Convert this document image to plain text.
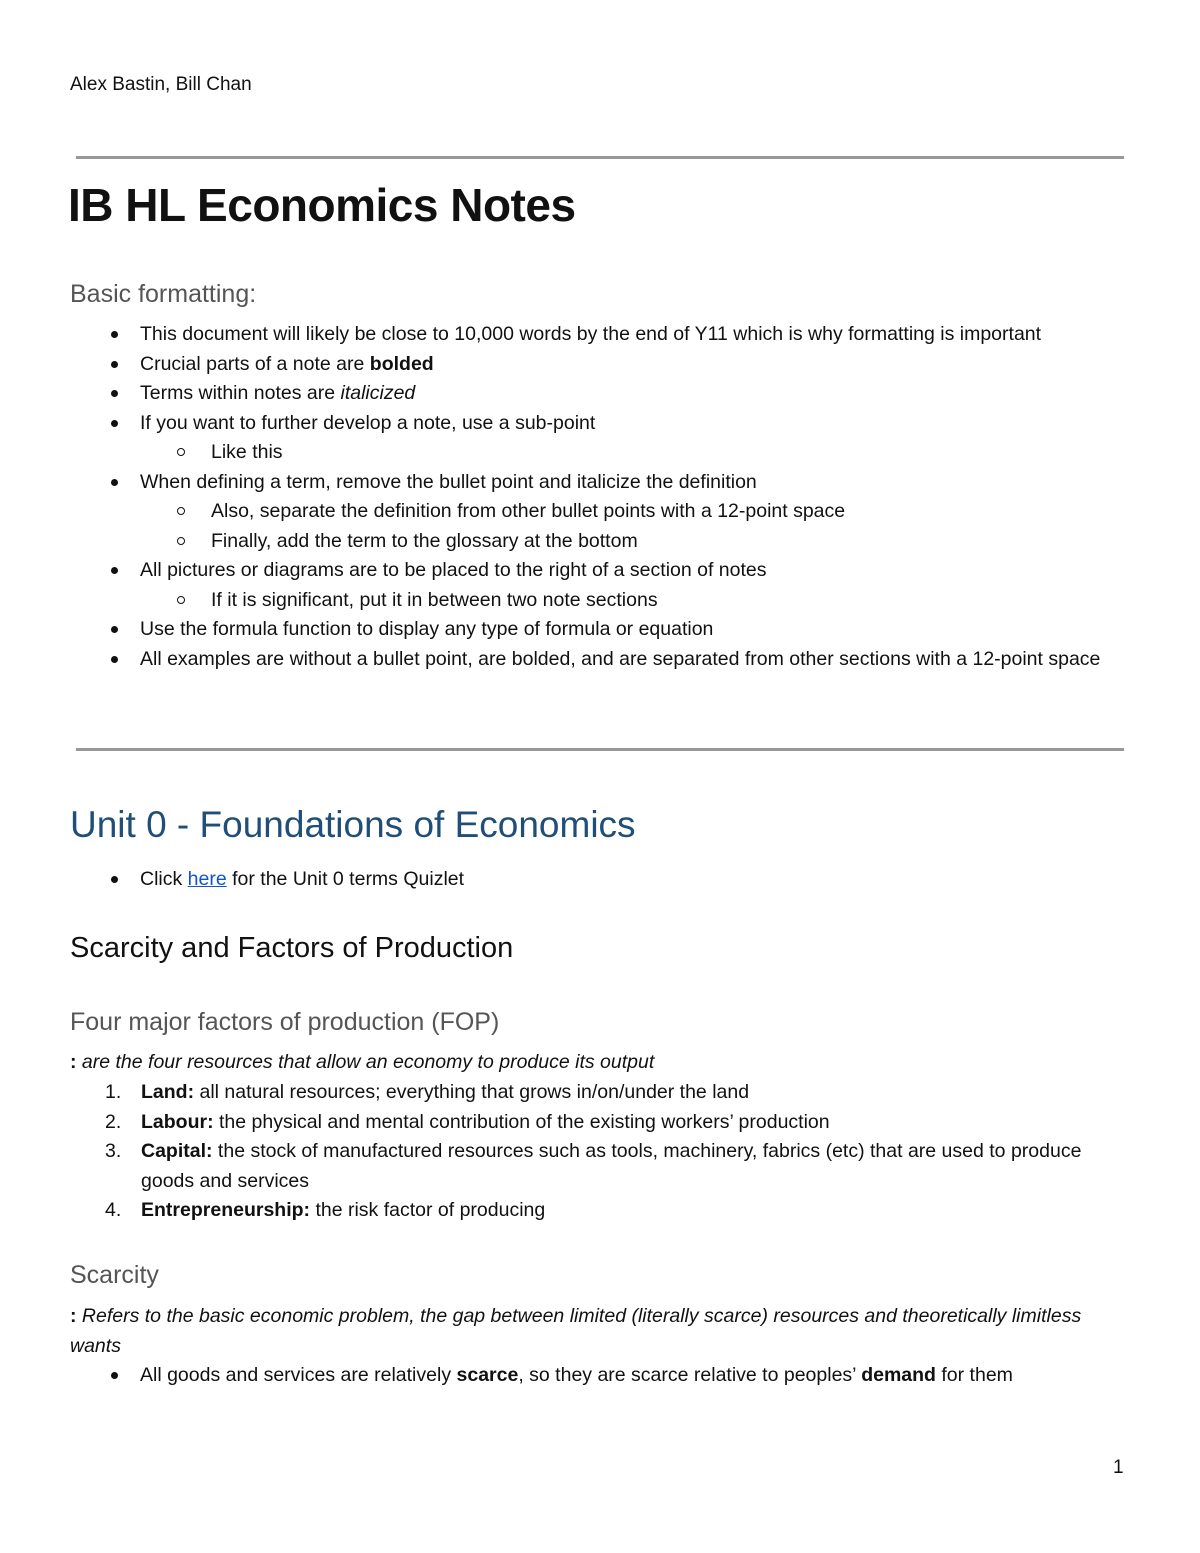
Alex Bastin, Bill Chan
IB HL Economics Notes
Basic formatting:
This document will likely be close to 10,000 words by the end of Y11 which is why formatting is important
Crucial parts of a note are bolded
Terms within notes are italicized
If you want to further develop a note, use a sub-point
Like this
When defining a term, remove the bullet point and italicize the definition
Also, separate the definition from other bullet points with a 12-point space
Finally, add the term to the glossary at the bottom
All pictures or diagrams are to be placed to the right of a section of notes
If it is significant, put it in between two note sections
Use the formula function to display any type of formula or equation
All examples are without a bullet point, are bolded, and are separated from other sections with a 12-point space
Unit 0 - Foundations of Economics
Click here for the Unit 0 terms Quizlet
Scarcity and Factors of Production
Four major factors of production (FOP)
: are the four resources that allow an economy to produce its output
1. Land: all natural resources; everything that grows in/on/under the land
2. Labour: the physical and mental contribution of the existing workers’ production
3. Capital: the stock of manufactured resources such as tools, machinery, fabrics (etc) that are used to produce goods and services
4. Entrepreneurship: the risk factor of producing
Scarcity
: Refers to the basic economic problem, the gap between limited (literally scarce) resources and theoretically limitless wants
All goods and services are relatively scarce, so they are scarce relative to peoples’ demand for them
1
